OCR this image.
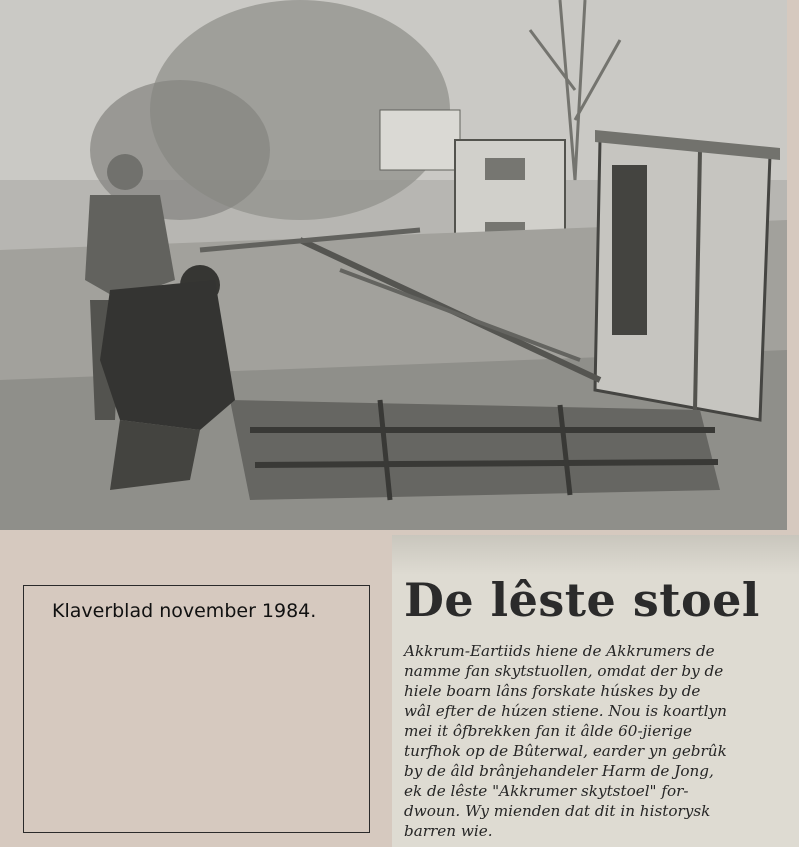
Klaverblad november 1984. De lêste stoel
Akkrum-Eartiids hiene de Akkrumers de
namme fan skytstuollen, omdat der by de
hiele boarn lâns forskate húskes by de
wâl efter de húzen stiene. Nou is koartlyn
mei it ôfbrekken fan it âlde 60-jierige
turfhok op de Bûterwal, earder yn gebrûk
by de âld brânjehandeler Harm de Jong,
ek de lêste "Akkrumer skytstoel" for-
dwoun. Wy mienden dat dit in historysk
barren wie.
